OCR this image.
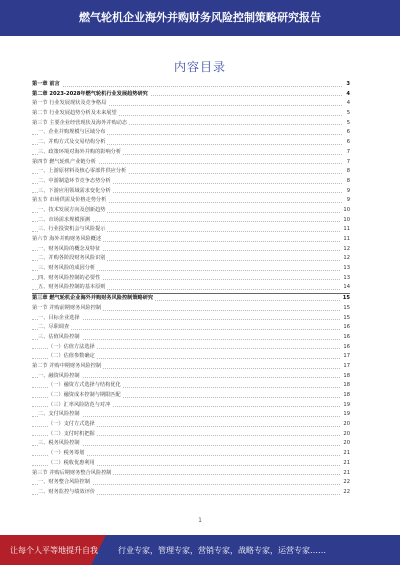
燃气轮机企业海外并购财务风险控制策略研究报告
内容目录
第一章 前言	3
第二章 2023-2028年燃气轮机行业发展趋势研究	4
第一节 行业发展现状及竞争格局	4
第二节 行业发展趋势分析及未来展望	5
第三节 主要企业经营现状及海外并购动态	5
一、企业并购规模与区域分布	6
二、并购方式及交易结构分析	6
三、政策环境对海外并购的影响分析	7
第四节 燃气轮机产业链分析	7
一、上游原材料及核心零部件供应分析	8
二、中游制造环节竞争态势分析	8
三、下游应用领域需求变化分析	9
第五节 市场供需及价格走势分析	9
一、技术发展方向及创新趋势	10
二、市场需求规模预测	10
三、行业投资机会与风险提示	11
第六节 海外并购财务风险概述	11
一、财务风险的概念及特征	12
二、并购各阶段财务风险识别	12
三、财务风险的成因分析	13
四、财务风险控制的必要性	13
五、财务风险控制的基本原则	14
第三章 燃气轮机企业海外并购财务风险控制策略研究	15
第一节 并购前期财务风险控制	15
一、目标企业选择	15
二、尽职调查	16
三、估值风险控制	16
（一）估值方法选择	16
（二）估值参数确定	17
第二节 并购中期财务风险控制	17
一、融资风险控制	18
（一）融资方式选择与结构优化	18
（二）融资成本控制与期限匹配	18
（三）汇率风险防范与对冲	19
二、支付风险控制	19
（一）支付方式选择	20
（二）支付时机把握	20
三、税务风险控制	20
（一）税务筹划	21
（二）税收优惠利用	21
第三节 并购后期财务整合风险控制	21
一、财务整合风险控制	22
二、财务监控与绩效评价	22
1
让每个人平等地提升自我	行业专家，管理专家，营销专家，战略专家，运营专家……
